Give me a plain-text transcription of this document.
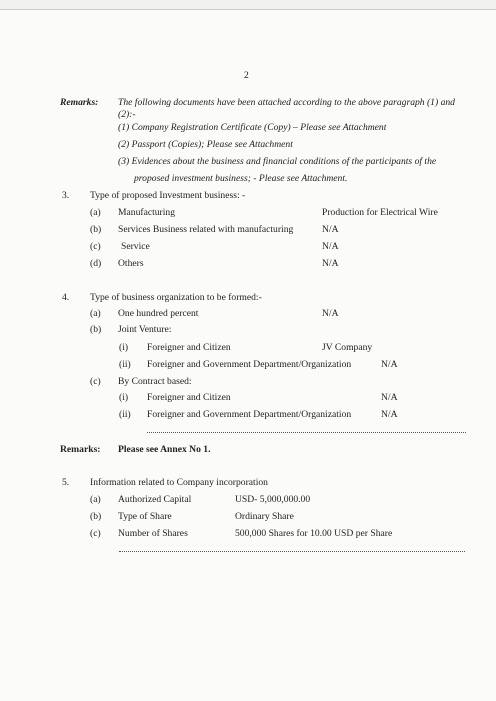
2
Remarks: The following documents have been attached according to the above paragraph (1) and
(2):-
(1) Company Registration Certificate (Copy) – Please see Attachment
(2) Passport (Copies); Please see Attachment
(3) Evidences about the business and financial conditions of the participants of the
proposed investment business; - Please see Attachment.
3. Type of proposed Investment business: -
(a) Manufacturing	Production for Electrical Wire
(b) Services Business related with manufacturing	N/A
(c) Service	N/A
(d) Others	N/A
4. Type of business organization to be formed:-
(a) One hundred percent	N/A
(b) Joint Venture:
(i) Foreigner and Citizen	JV Company
(ii) Foreigner and Government Department/Organization	N/A
(c) By Contract based:
(i) Foreigner and Citizen	N/A
(ii) Foreigner and Government Department/Organization	N/A
Remarks: Please see Annex No 1.
5. Information related to Company incorporation
(a) Authorized Capital	USD- 5,000,000.00
(b) Type of Share	Ordinary Share
(c) Number of Shares	500,000 Shares for 10.00 USD per Share
